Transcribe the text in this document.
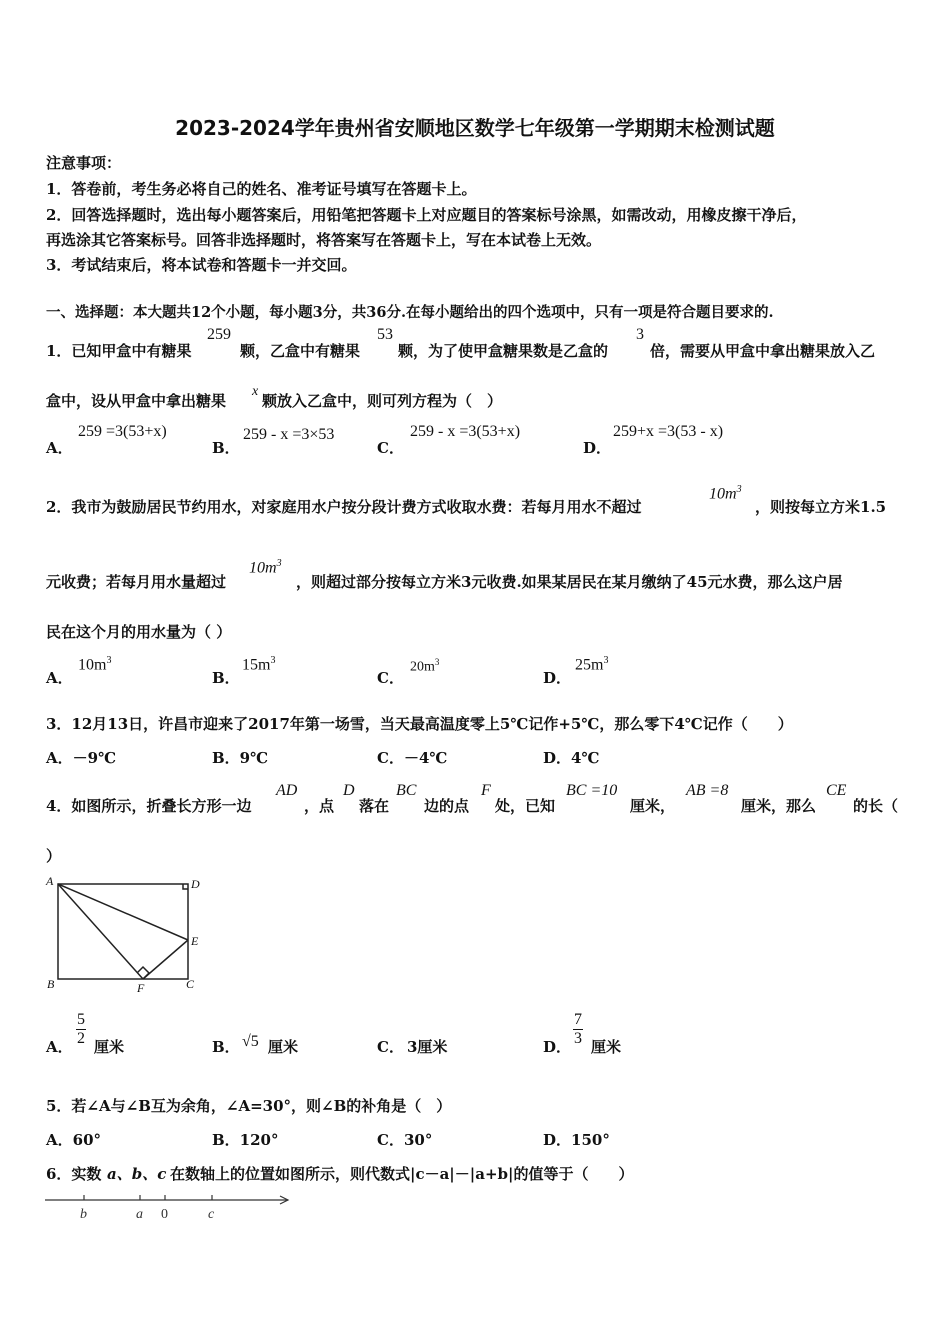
2023-2024学年贵州省安顺地区数学七年级第一学期期末检测试题
注意事项：
1．答卷前，考生务必将自己的姓名、准考证号填写在答题卡上。
2．回答选择题时，选出每小题答案后，用铅笔把答题卡上对应题目的答案标号涂黑，如需改动，用橡皮擦干净后，
再选涂其它答案标号。回答非选择题时，将答案写在答题卡上，写在本试卷上无效。
3．考试结束后，将本试卷和答题卡一并交回。
一、选择题：本大题共12个小题，每小题3分，共36分.在每小题给出的四个选项中，只有一项是符合题目要求的.
1．已知甲盒中有糖果
259
颗，乙盒中有糖果
53
颗，为了使甲盒糖果数是乙盒的
3
倍，需要从甲盒中拿出糖果放入乙
盒中，设从甲盒中拿出糖果
x
颗放入乙盒中，则可列方程为（　）
A．
259 =3(53+x)
B．
259 - x =3×53
C．
259 - x =3(53+x)
D．
259+x =3(53 - x)
2．我市为鼓励居民节约用水，对家庭用水户按分段计费方式收取水费：若每月用水不超过
$10m^3$
，则按每立方米1.5
元收费；若每月用水量超过
$10m^3$
，则超过部分按每立方米3元收费.如果某居民在某月缴纳了45元水费，那么这户居
民在这个月的用水量为（ ）
A．
$10m^3$
B．
$15m^3$
C．
$20m^3$
D．
$25m^3$
3．12月13日，许昌市迎来了2017年第一场雪，当天最高温度零上5℃记作+5℃，那么零下4℃记作（　　）
A．－9℃	B．9℃	C．－4℃	D．4℃
4．如图所示，折叠长方形一边
AD
，点
D
落在
BC
边的点
F
处，已知
BC =10
厘米，
AB =8
厘米，那么
CE
的长（
）
A	D
E
B	F	C
A． $\frac{5}{2}$ 厘米	B． √5 厘米	C． 3厘米	D． $\frac{7}{3}$ 厘米
5．若∠A与∠B互为余角，∠A=30°，则∠B的补角是（　）
A．60°	B．120°	C．30°	D．150°
6．实数 a、b、c 在数轴上的位置如图所示，则代数式|c－a|－|a+b|的值等于（　　）
b	a 0	c
